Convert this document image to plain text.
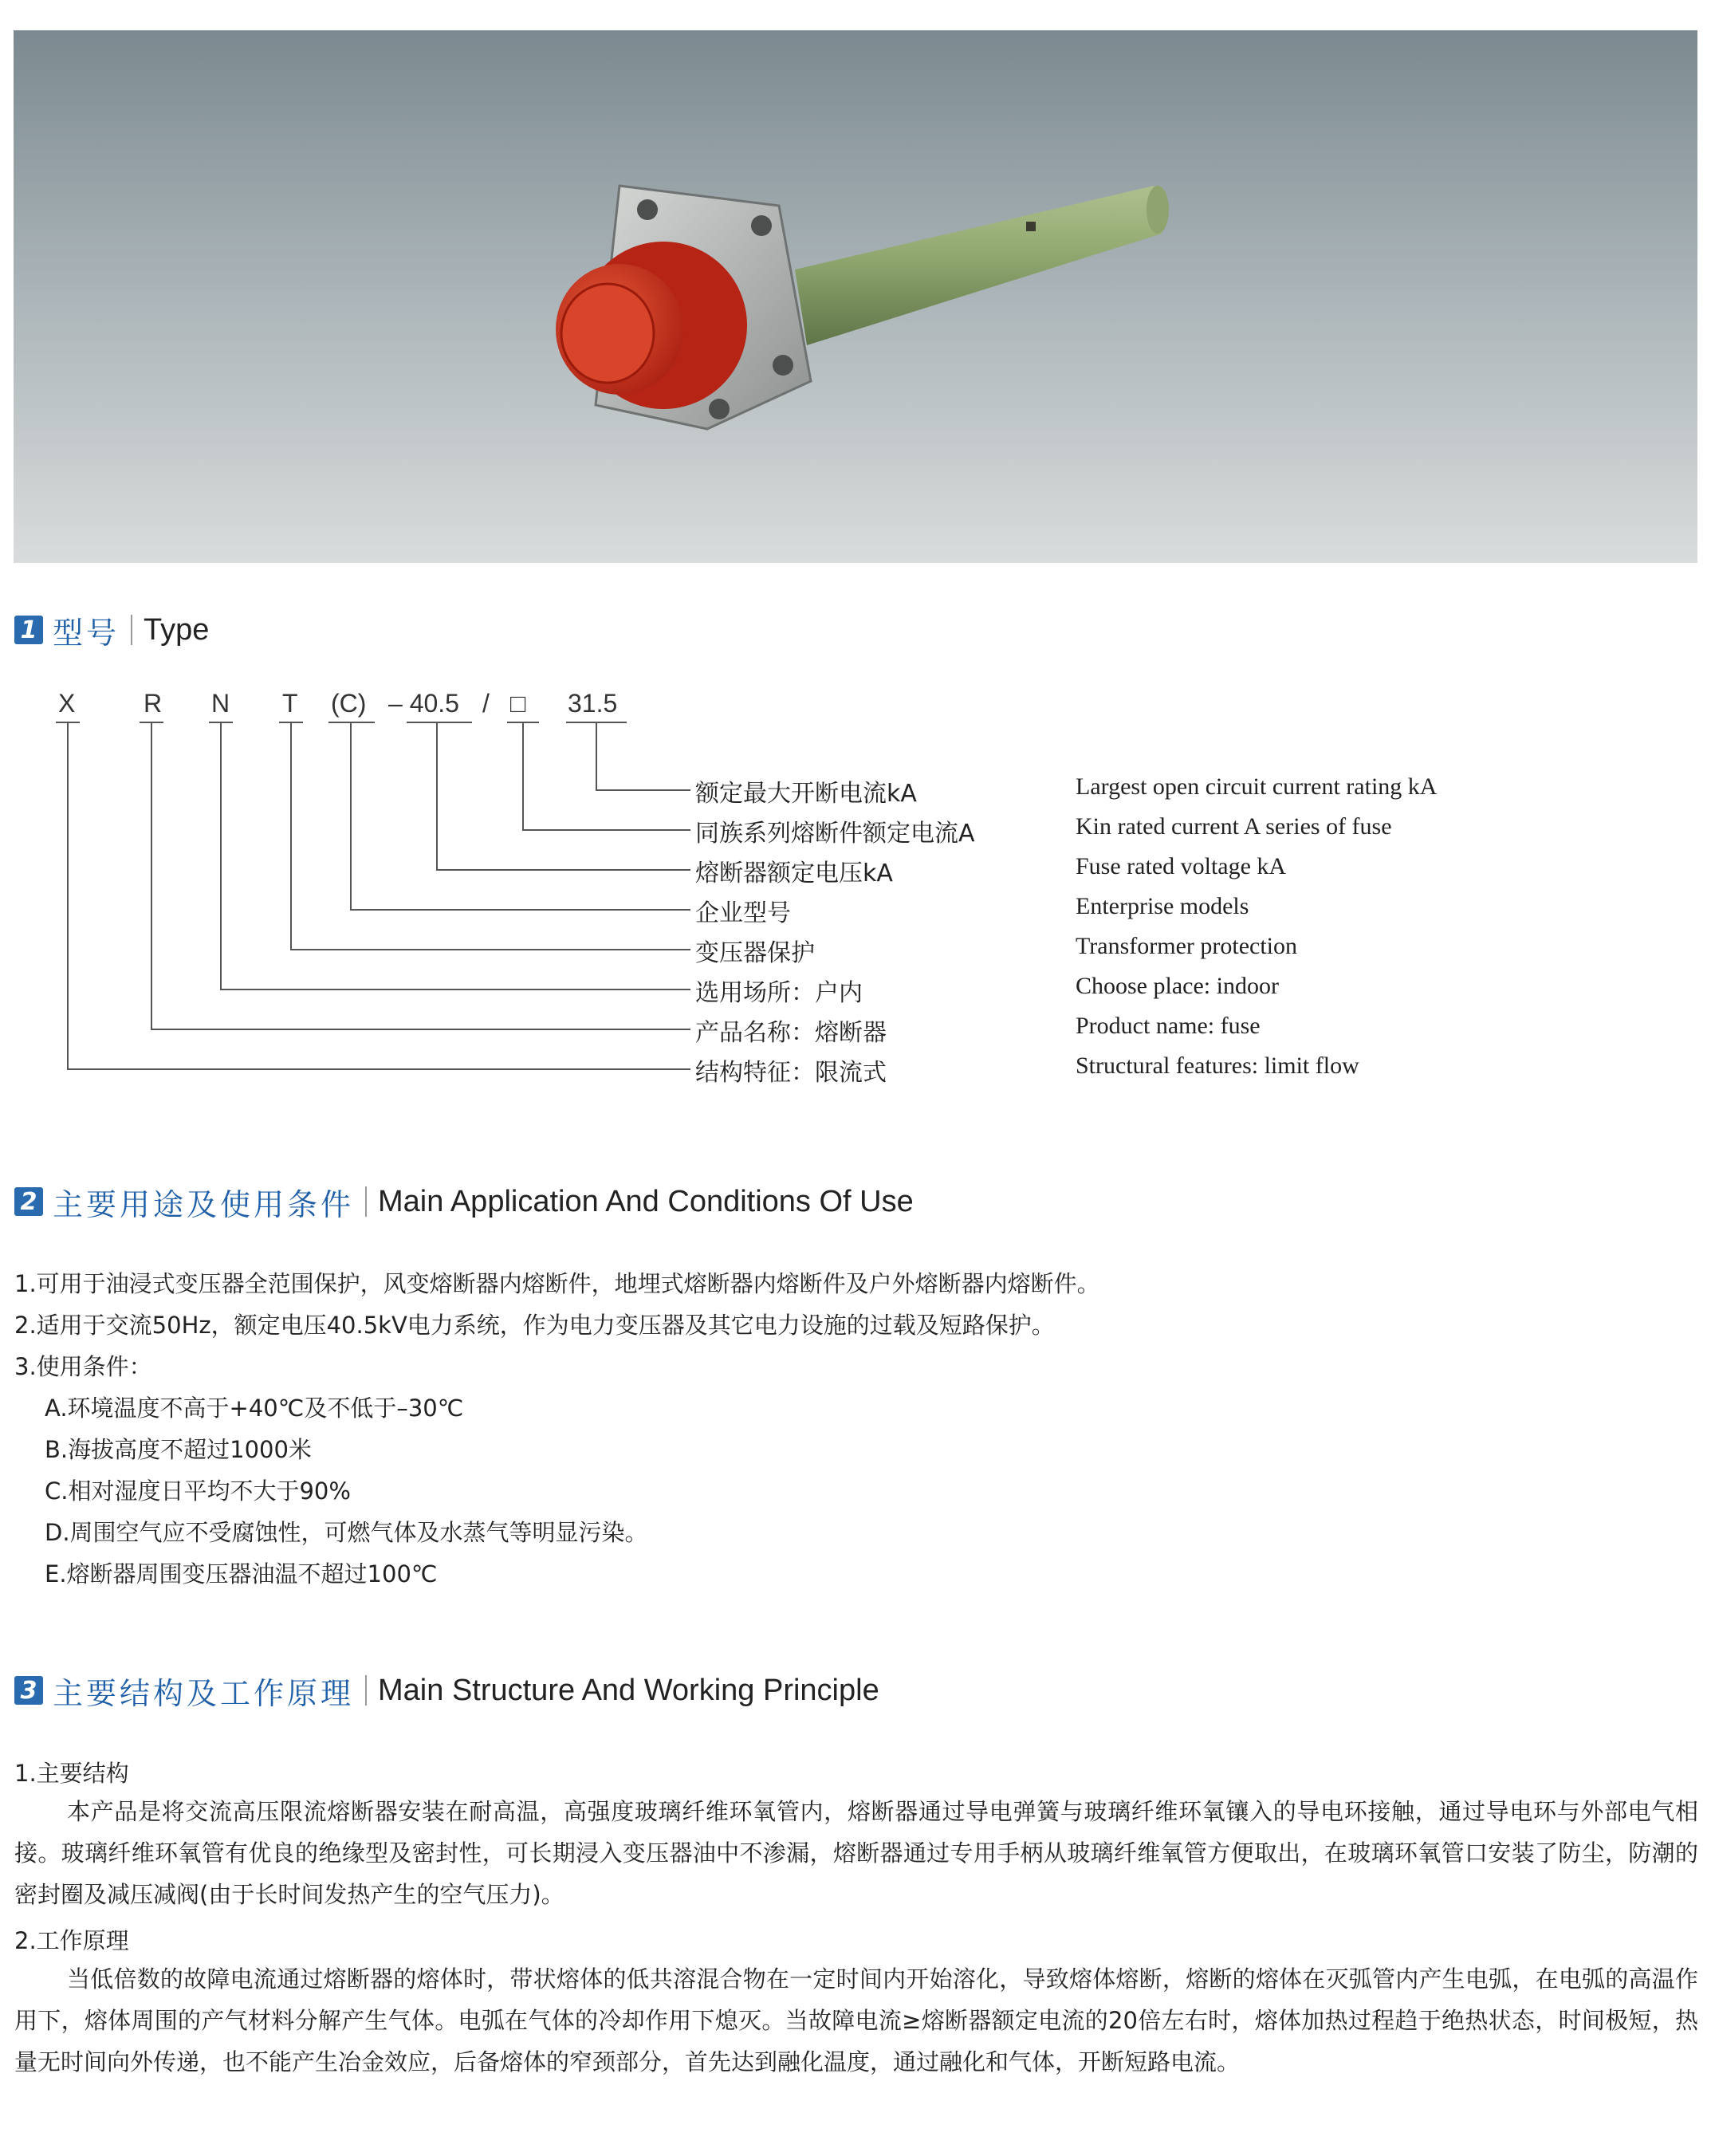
1 型号 Type
X	R N T (C) – 40.5 / □ 31.5
额定最大开断电流kA
同族系列熔断件额定电流A
熔断器额定电压kA
企业型号
变压器保护
选用场所：户内
产品名称：熔断器
结构特征：限流式
Largest open circuit current rating kA
Kin rated current A series of fuse
Fuse rated voltage kA
Enterprise models
Transformer protection
Choose place: indoor
Product name: fuse
Structural features: limit flow
2 主要用途及使用条件 Main Application And Conditions Of Use
1.可用于油浸式变压器全范围保护，风变熔断器内熔断件，地埋式熔断器内熔断件及户外熔断器内熔断件。
2.适用于交流50Hz，额定电压40.5kV电力系统，作为电力变压器及其它电力设施的过载及短路保护。
3.使用条件：
A.环境温度不高于+40℃及不低于–30℃
B.海拔高度不超过1000米
C.相对湿度日平均不大于90%
D.周围空气应不受腐蚀性，可燃气体及水蒸气等明显污染。
E.熔断器周围变压器油温不超过100℃
3 主要结构及工作原理 Main Structure And Working Principle
1.主要结构
本产品是将交流高压限流熔断器安装在耐高温，高强度玻璃纤维环氧管内，熔断器通过导电弹簧与玻璃纤维环氧镶入的导电环接触，通过导电环与外部电气相接。玻璃纤维环氧管有优良的绝缘型及密封性，可长期浸入变压器油中不渗漏，熔断器通过专用手柄从玻璃纤维氧管方便取出，在玻璃环氧管口安装了防尘，防潮的密封圈及减压减阀(由于长时间发热产生的空气压力)。
2.工作原理
当低倍数的故障电流通过熔断器的熔体时，带状熔体的低共溶混合物在一定时间内开始溶化，导致熔体熔断，熔断的熔体在灭弧管内产生电弧，在电弧的高温作用下，熔体周围的产气材料分解产生气体。电弧在气体的冷却作用下熄灭。当故障电流≥熔断器额定电流的20倍左右时，熔体加热过程趋于绝热状态，时间极短，热量无时间向外传递，也不能产生冶金效应，后备熔体的窄颈部分，首先达到融化温度，通过融化和气体，开断短路电流。
